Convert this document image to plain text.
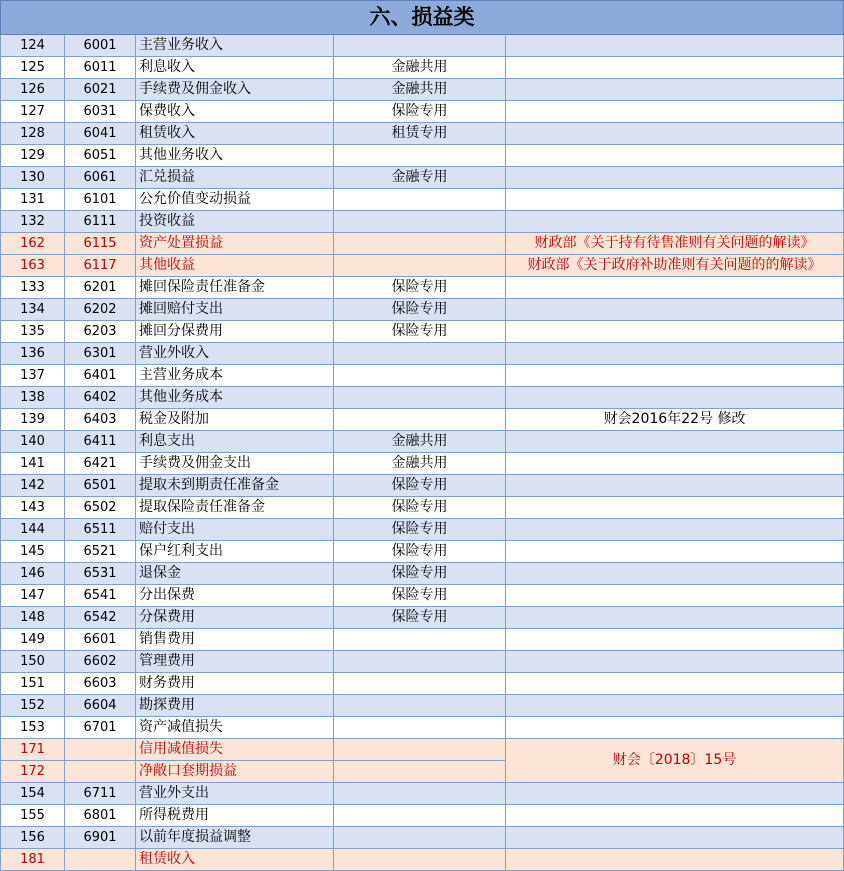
六、损益类				
124	6001	主营业务收入		
125	6011	利息收入	金融共用	
126	6021	手续费及佣金收入	金融共用	
127	6031	保费收入	保险专用	
128	6041	租赁收入	租赁专用	
129	6051	其他业务收入		
130	6061	汇兑损益	金融专用	
131	6101	公允价值变动损益		
132	6111	投资收益		
162	6115	资产处置损益		财政部《关于持有待售准则有关问题的解读》
163	6117	其他收益		财政部《关于政府补助准则有关问题的的解读》
133	6201	摊回保险责任准备金	保险专用	
134	6202	摊回赔付支出	保险专用	
135	6203	摊回分保费用	保险专用	
136	6301	营业外收入		
137	6401	主营业务成本		
138	6402	其他业务成本		
139	6403	税金及附加		财会2016年22号 修改
140	6411	利息支出	金融共用	
141	6421	手续费及佣金支出	金融共用	
142	6501	提取未到期责任准备金	保险专用	
143	6502	提取保险责任准备金	保险专用	
144	6511	赔付支出	保险专用	
145	6521	保户红利支出	保险专用	
146	6531	退保金	保险专用	
147	6541	分出保费	保险专用	
148	6542	分保费用	保险专用	
149	6601	销售费用		
150	6602	管理费用		
151	6603	财务费用		
152	6604	勘探费用		
153	6701	资产减值损失		
171		信用减值损失		财会〔2018〕15号
172		净敞口套期损益		
154	6711	营业外支出		
155	6801	所得税费用		
156	6901	以前年度损益调整		
181		租赁收入		
